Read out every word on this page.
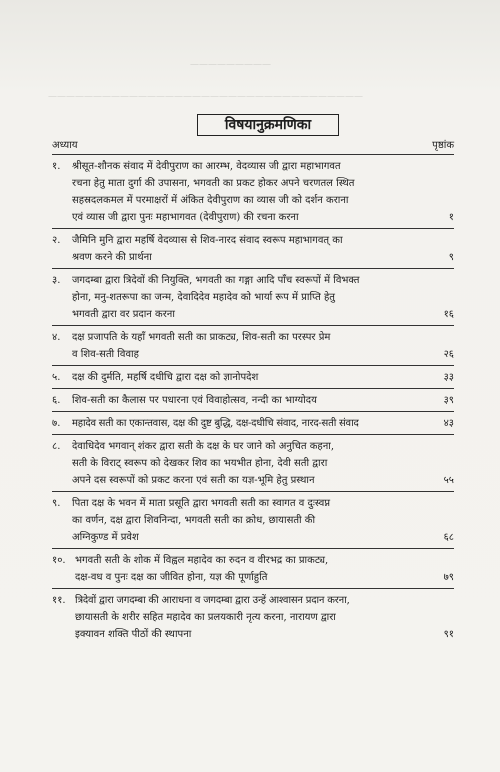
—————————
———————————————————————————————————
विषयानुक्रमणिका
अध्याय	पृष्ठांक
१.	श्रीसूत-शौनक संवाद में देवीपुराण का आरम्भ, वेदव्यास जी द्वारा महाभागवत
रचना हेतु माता दुर्गा की उपासना, भगवती का प्रकट होकर अपने चरणतल स्थित
सहस्रदलकमल में परमाक्षरों में अंकित देवीपुराण का व्यास जी को दर्शन कराना
एवं व्यास जी द्वारा पुनः महाभागवत (देवीपुराण) की रचना करना	१
२.	जैमिनि मुनि द्वारा महर्षि वेदव्यास से शिव-नारद संवाद स्वरूप महाभागवत् का
श्रवण करने की प्रार्थना	९
३.	जगदम्बा द्वारा त्रिदेवों की नियुक्ति, भगवती का गङ्गा आदि पाँच स्वरूपों में विभक्त
होना, मनु-शतरूपा का जन्म, देवादिदेव महादेव को भार्या रूप में प्राप्ति हेतु
भगवती द्वारा वर प्रदान करना	१६
४.	दक्ष प्रजापति के यहाँ भगवती सती का प्राकट्य, शिव-सती का परस्पर प्रेम
व शिव-सती विवाह	२६
५.	दक्ष की दुर्मति, महर्षि दधीचि द्वारा दक्ष को ज्ञानोपदेश	३३
६.	शिव-सती का कैलास पर पधारना एवं विवाहोत्सव, नन्दी का भाग्योदय	३९
७.	महादेव सती का एकान्तवास, दक्ष की दुष्ट बुद्धि, दक्ष-दधीचि संवाद, नारद-सती संवाद	४३
८.	देवाधिदेव भगवान् शंकर द्वारा सती के दक्ष के घर जाने को अनुचित कहना,
सती के विराट् स्वरूप को देखकर शिव का भयभीत होना, देवी सती द्वारा
अपने दस स्वरूपों को प्रकट करना एवं सती का यज्ञ-भूमि हेतु प्रस्थान	५५
९.	पिता दक्ष के भवन में माता प्रसूति द्वारा भगवती सती का स्वागत व दुःस्वप्न
का वर्णन, दक्ष द्वारा शिवनिन्दा, भगवती सती का क्रोध, छायासती की
अग्निकुण्ड में प्रवेश	६८
१०. भगवती सती के शोक में विह्वल महादेव का रुदन व वीरभद्र का प्राकट्य,
दक्ष-वध व पुनः दक्ष का जीवित होना, यज्ञ की पूर्णाहुति	७९
११. त्रिदेवों द्वारा जगदम्बा की आराधना व जगदम्बा द्वारा उन्हें आश्वासन प्रदान करना,
छायासती के शरीर सहित महादेव का प्रलयकारी नृत्य करना, नारायण द्वारा
इक्यावन शक्ति पीठों की स्थापना	९१
